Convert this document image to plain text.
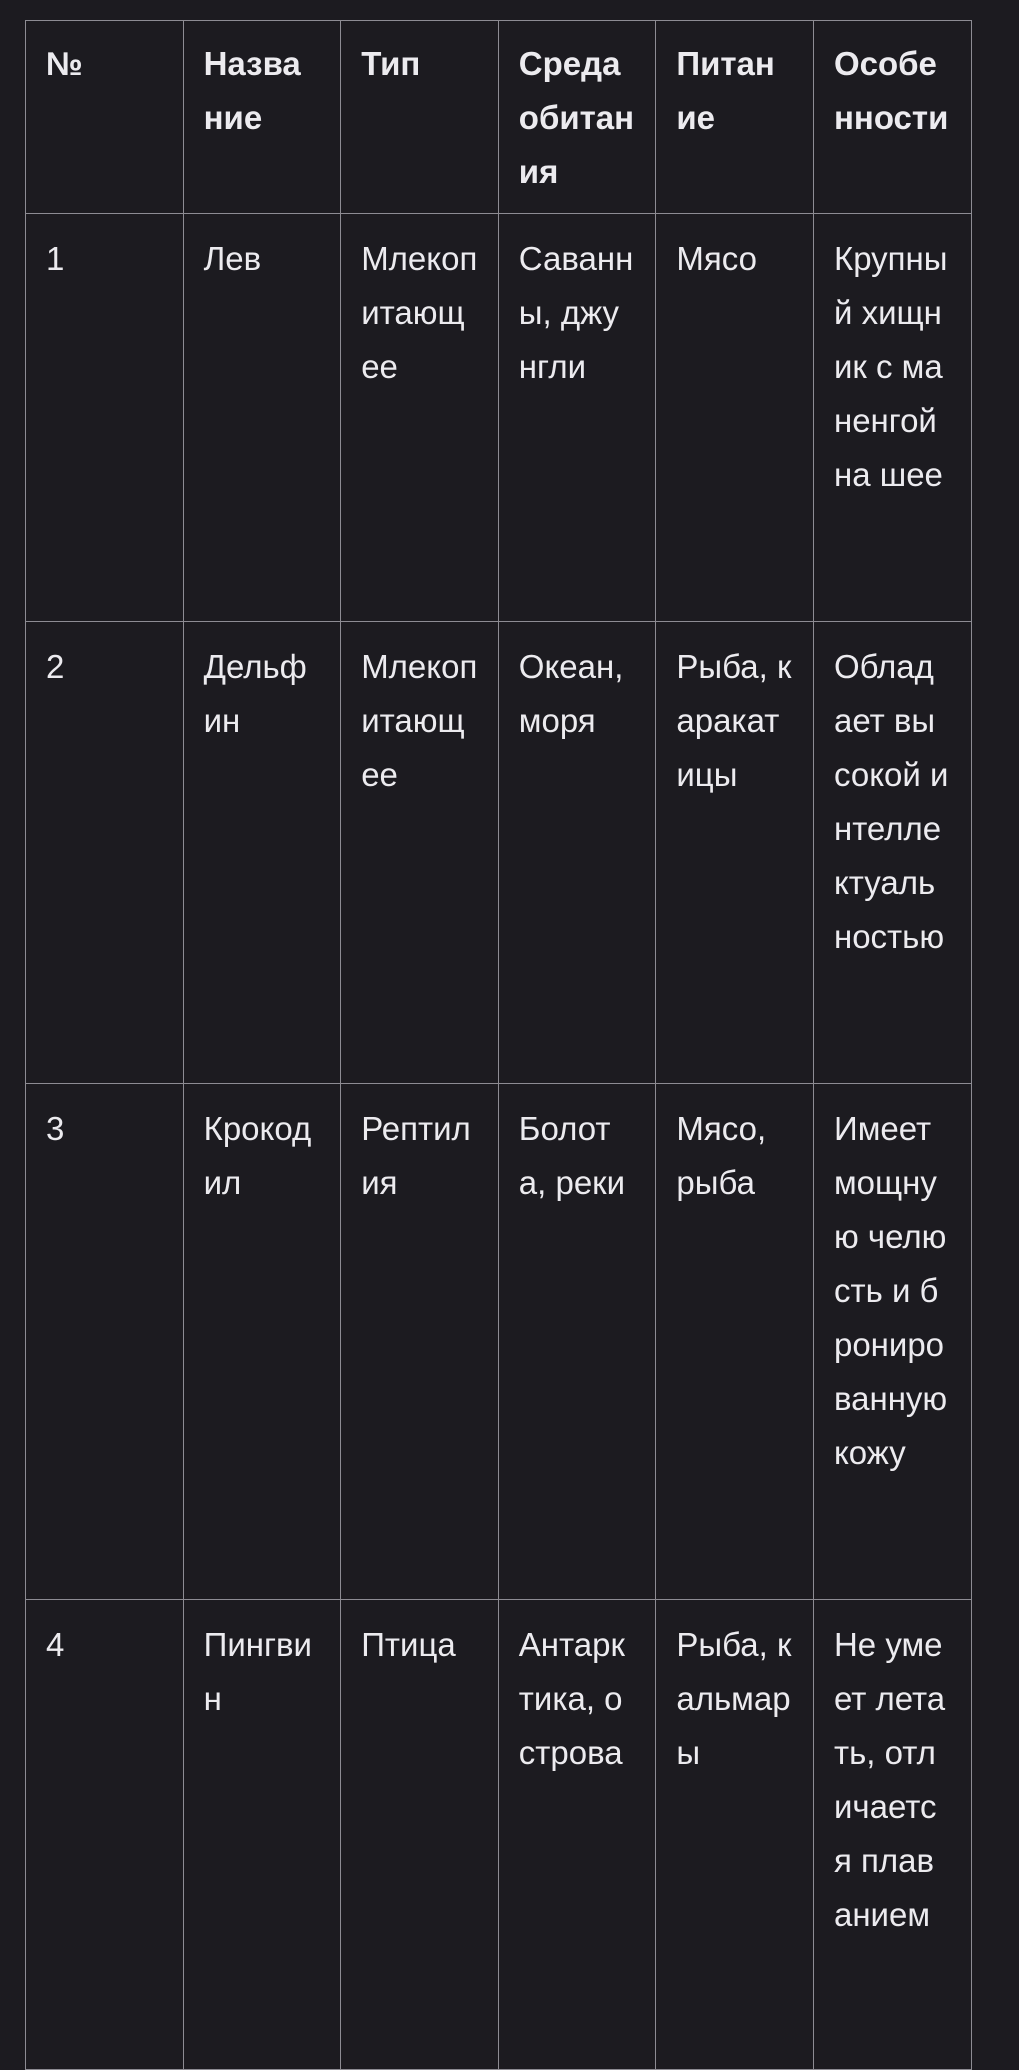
№	Название	Тип	Среда обитания	Питание	Особенности
1	Лев	Млекопитающее	Саванны, джунгли	Мясо	Крупный хищник с маненгой на шее
2	Дельфин	Млекопитающее	Океан, моря	Рыба, каракатицы	Обладает высокой интеллектуальностью
3	Крокодил	Рептилия	Болота, реки	Мясо, рыба	Имеет мощную челюсть и бронированную кожу
4	Пингвин	Птица	Антарктика, острова	Рыба, кальмары	Не умеет летать, отличается плаванием
